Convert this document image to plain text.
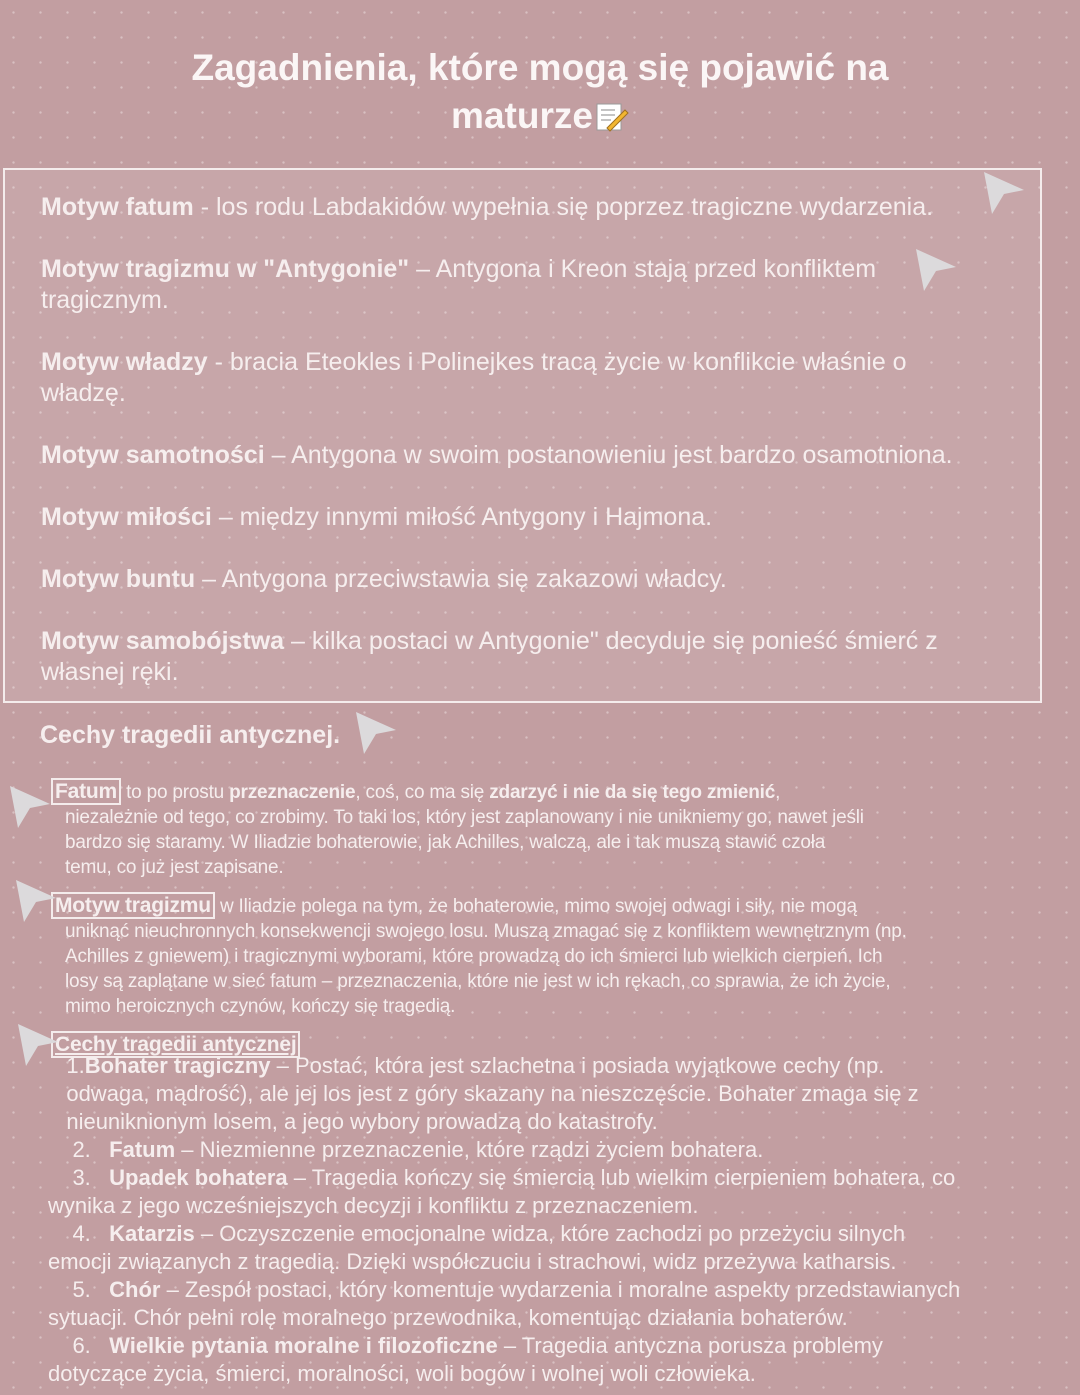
Zagadnienia, które mogą się pojawić na
maturze
Motyw fatum - los rodu Labdakidów wypełnia się poprzez tragiczne wydarzenia.
Motyw tragizmu w "Antygonie" – Antygona i Kreon stają przed konfliktem
tragicznym.
Motyw władzy - bracia Eteokles i Polinejkes tracą życie w konflikcie właśnie o
władzę.
Motyw samotności – Antygona w swoim postanowieniu jest bardzo osamotniona.
Motyw miłości – między innymi miłość Antygony i Hajmona.
Motyw buntu – Antygona przeciwstawia się zakazowi władcy.
Motyw samobójstwa – kilka postaci w Antygonie" decyduje się ponieść śmierć z
własnej ręki.
Cechy tragedii antycznej.
Fatum to po prostu przeznaczenie, coś, co ma się zdarzyć i nie da się tego zmienić,
niezależnie od tego, co zrobimy. To taki los, który jest zaplanowany i nie unikniemy go, nawet jeśli
bardzo się staramy. W Iliadzie bohaterowie, jak Achilles, walczą, ale i tak muszą stawić czoła
temu, co już jest zapisane.
Motyw tragizmu w Iliadzie polega na tym, że bohaterowie, mimo swojej odwagi i siły, nie mogą
uniknąć nieuchronnych konsekwencji swojego losu. Muszą zmagać się z konfliktem wewnętrznym (np.
Achilles z gniewem) i tragicznymi wyborami, które prowadzą do ich śmierci lub wielkich cierpień. Ich
losy są zaplątane w sieć fatum – przeznaczenia, które nie jest w ich rękach, co sprawia, że ich życie,
mimo heroicznych czynów, kończy się tragedią.
Cechy tragedii antycznej
1.Bohater tragiczny – Postać, która jest szlachetna i posiada wyjątkowe cechy (np.
odwaga, mądrość), ale jej los jest z góry skazany na nieszczęście. Bohater zmaga się z
nieuniknionym losem, a jego wybory prowadzą do katastrofy.
2.   Fatum – Niezmienne przeznaczenie, które rządzi życiem bohatera.
3.   Upadek bohatera – Tragedia kończy się śmiercią lub wielkim cierpieniem bohatera, co
wynika z jego wcześniejszych decyzji i konfliktu z przeznaczeniem.
4.   Katarzis – Oczyszczenie emocjonalne widza, które zachodzi po przeżyciu silnych
emocji związanych z tragedią. Dzięki współczuciu i strachowi, widz przeżywa katharsis.
5.   Chór – Zespół postaci, który komentuje wydarzenia i moralne aspekty przedstawianych
sytuacji. Chór pełni rolę moralnego przewodnika, komentując działania bohaterów.
6.   Wielkie pytania moralne i filozoficzne – Tragedia antyczna porusza problemy
dotyczące życia, śmierci, moralności, woli bogów i wolnej woli człowieka.
